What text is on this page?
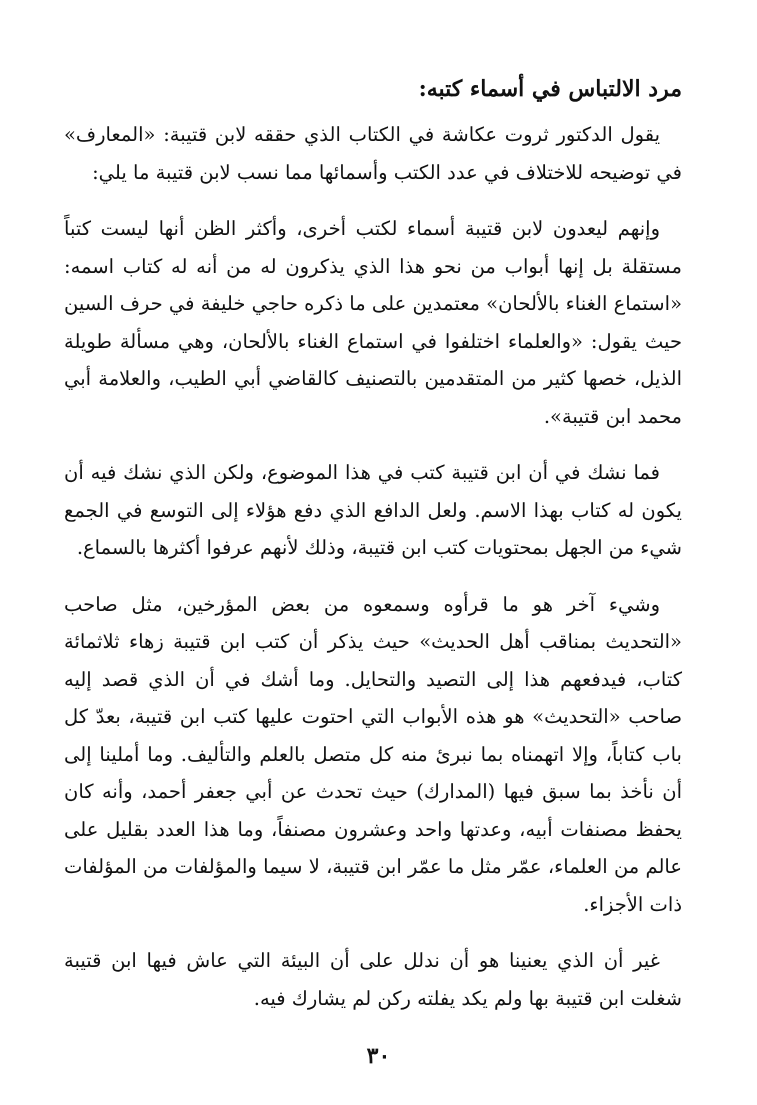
مرد الالتباس في أسماء كتبه:

يقول الدكتور ثروت عكاشة في الكتاب الذي حققه لابن قتيبة: «المعارف» في توضيحه للاختلاف في عدد الكتب وأسمائها مما نسب لابن قتيبة ما يلي:

وإنهم ليعدون لابن قتيبة أسماء لكتب أخرى، وأكثر الظن أنها ليست كتباً مستقلة بل إنها أبواب من نحو هذا الذي يذكرون له من أنه له كتاب اسمه: «استماع الغناء بالألحان» معتمدين على ما ذكره حاجي خليفة في حرف السين حيث يقول: «والعلماء اختلفوا في استماع الغناء بالألحان، وهي مسألة طويلة الذيل، خصها كثير من المتقدمين بالتصنيف كالقاضي أبي الطيب، والعلامة أبي محمد ابن قتيبة».

فما نشك في أن ابن قتيبة كتب في هذا الموضوع، ولكن الذي نشك فيه أن يكون له كتاب بهذا الاسم. ولعل الدافع الذي دفع هؤلاء إلى التوسع في الجمع شيء من الجهل بمحتويات كتب ابن قتيبة، وذلك لأنهم عرفوا أكثرها بالسماع.

وشيء آخر هو ما قرأوه وسمعوه من بعض المؤرخين، مثل صاحب «التحديث بمناقب أهل الحديث» حيث يذكر أن كتب ابن قتيبة زهاء ثلاثمائة كتاب، فيدفعهم هذا إلى التصيد والتحايل. وما أشك في أن الذي قصد إليه صاحب «التحديث» هو هذه الأبواب التي احتوت عليها كتب ابن قتيبة، بعدّ كل باب كتاباً، وإلا اتهمناه بما نبرئ منه كل متصل بالعلم والتأليف. وما أملينا إلى أن نأخذ بما سبق فيها (المدارك) حيث تحدث عن أبي جعفر أحمد، وأنه كان يحفظ مصنفات أبيه، وعدتها واحد وعشرون مصنفاً، وما هذا العدد بقليل على عالم من العلماء، عمّر مثل ما عمّر ابن قتيبة، لا سيما والمؤلفات من المؤلفات ذات الأجزاء.

غير أن الذي يعنينا هو أن ندلل على أن البيئة التي عاش فيها ابن قتيبة شغلت ابن قتيبة بها ولم يكد يفلته ركن لم يشارك فيه.

٣٠
